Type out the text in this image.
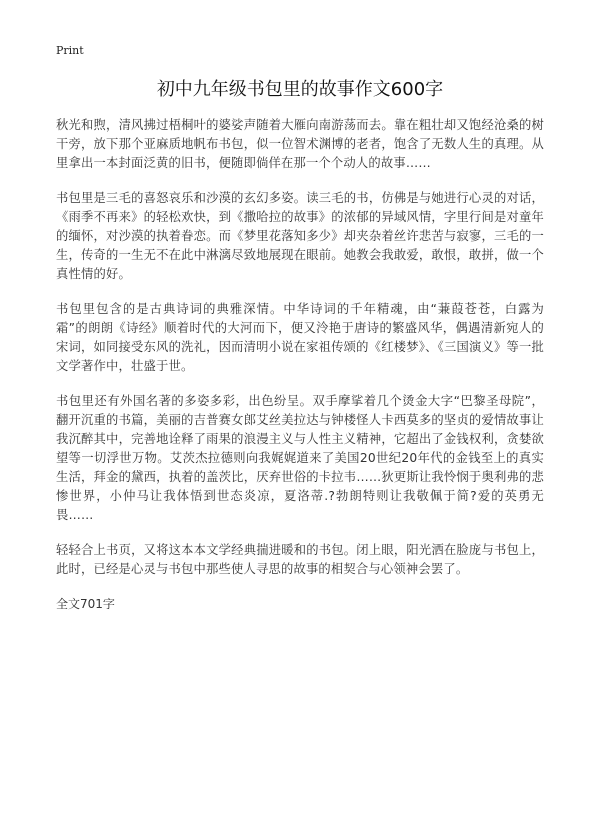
Print
初中九年级书包里的故事作文600字

秋光和煦，清风拂过梧桐叶的婆娑声随着大雁向南游荡而去。靠在粗壮却又饱经沧桑的树干旁，放下那个亚麻质地帆布书包，似一位智术渊博的老者，饱含了无数人生的真理。从里拿出一本封面泛黄的旧书，便随即倘佯在那一个个动人的故事……

书包里是三毛的喜怒哀乐和沙漠的玄幻多姿。读三毛的书，仿佛是与她进行心灵的对话，《雨季不再来》的轻松欢快，到《撒哈拉的故事》的浓郁的异域风情，字里行间是对童年的缅怀，对沙漠的执着眷恋。而《梦里花落知多少》却夹杂着丝许悲苦与寂寥，三毛的一生，传奇的一生无不在此中淋漓尽致地展现在眼前。她教会我敢爱，敢恨，敢拼，做一个真性情的好。

书包里包含的是古典诗词的典雅深情。中华诗词的千年精魂，由“蒹葭苍苍，白露为霜”的朗朗《诗经》顺着时代的大河而下，便又泠艳于唐诗的繁盛风华，偶遇清新宛人的宋词，如同接受东风的洗礼，因而清明小说在家祖传颂的《红楼梦》、《三国演义》等一批文学著作中，壮盛于世。

书包里还有外国名著的多姿多彩，出色纷呈。双手摩挲着几个烫金大字“巴黎圣母院”，翻开沉重的书篇，美丽的吉普赛女郎艾丝美拉达与钟楼怪人卡西莫多的坚贞的爱情故事让我沉醉其中，完善地诠释了雨果的浪漫主义与人性主义精神，它超出了金钱权利，贪婪欲望等一切浮世万物。艾茨杰拉德则向我娓娓道来了美国20世纪20年代的金钱至上的真实生活，拜金的黛西，执着的盖茨比，厌弃世俗的卡拉韦……狄更斯让我怜悯于奥利弗的悲惨世界，小仲马让我体悟到世态炎凉，夏洛蒂.?勃朗特则让我敬佩于简?爱的英勇无畏……

轻轻合上书页，又将这本本文学经典揣进暖和的书包。闭上眼，阳光洒在脸庞与书包上，此时，已经是心灵与书包中那些使人寻思的故事的相契合与心领神会罢了。

全文701字
